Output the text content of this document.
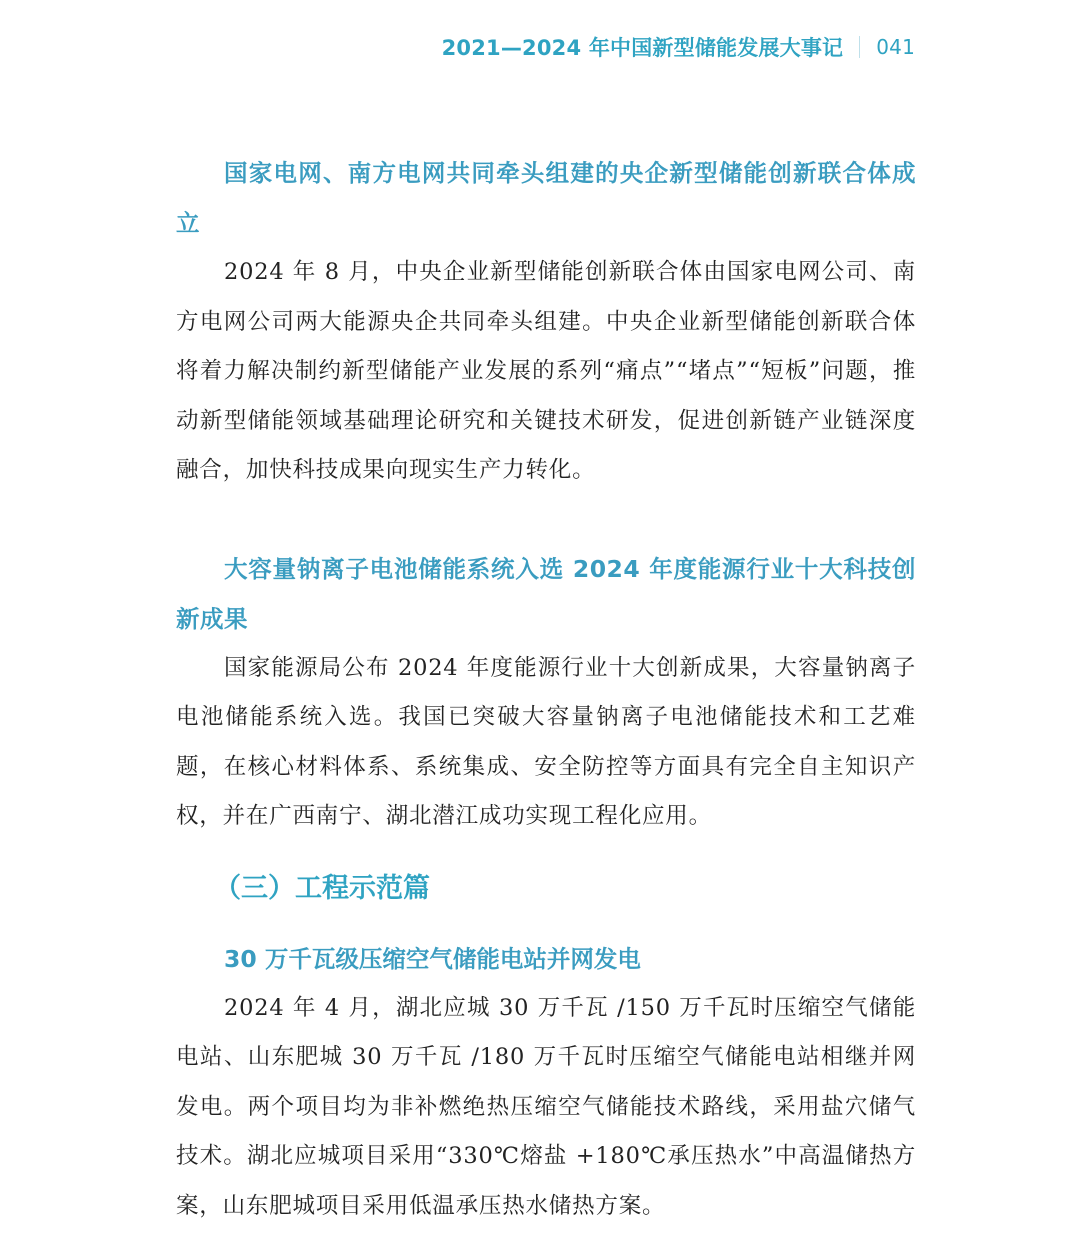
2021—2024 年中国新型储能发展大事记 041
国家电网、南方电网共同牵头组建的央企新型储能创新联合体成立

2024 年 8 月，中央企业新型储能创新联合体由国家电网公司、南方电网公司两大能源央企共同牵头组建。中央企业新型储能创新联合体将着力解决制约新型储能产业发展的系列“痛点”“堵点”“短板”问题，推动新型储能领域基础理论研究和关键技术研发，促进创新链产业链深度融合，加快科技成果向现实生产力转化。

大容量钠离子电池储能系统入选 2024 年度能源行业十大科技创新成果

国家能源局公布 2024 年度能源行业十大创新成果，大容量钠离子电池储能系统入选。我国已突破大容量钠离子电池储能技术和工艺难题，在核心材料体系、系统集成、安全防控等方面具有完全自主知识产权，并在广西南宁、湖北潜江成功实现工程化应用。

（三）工程示范篇
30 万千瓦级压缩空气储能电站并网发电

2024 年 4 月，湖北应城 30 万千瓦 /150 万千瓦时压缩空气储能电站、山东肥城 30 万千瓦 /180 万千瓦时压缩空气储能电站相继并网发电。两个项目均为非补燃绝热压缩空气储能技术路线，采用盐穴储气技术。湖北应城项目采用“330℃熔盐 +180℃承压热水”中高温储热方案，山东肥城项目采用低温承压热水储热方案。
